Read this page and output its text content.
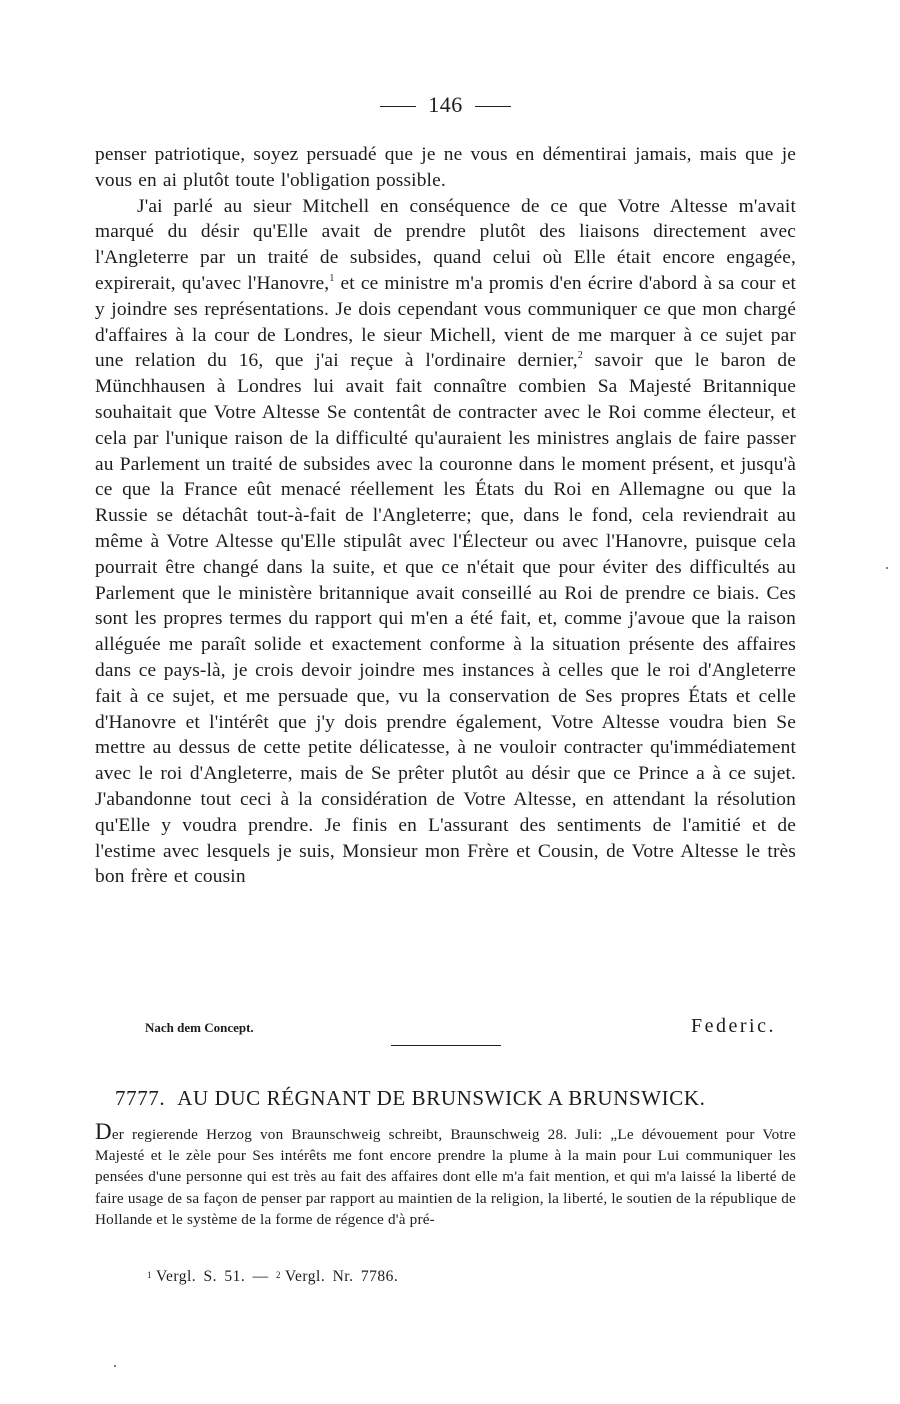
146

penser patriotique, soyez persuadé que je ne vous en démentirai jamais, mais que je vous en ai plutôt toute l'obligation possible.

J'ai parlé au sieur Mitchell en conséquence de ce que Votre Altesse m'avait marqué du désir qu'Elle avait de prendre plutôt des liaisons directement avec l'Angleterre par un traité de subsides, quand celui où Elle était encore engagée, expirerait, qu'avec l'Hanovre,$^1$ et ce ministre m'a promis d'en écrire d'abord à sa cour et y joindre ses représentations. Je dois cependant vous communiquer ce que mon chargé d'affaires à la cour de Londres, le sieur Michell, vient de me marquer à ce sujet par une relation du 16, que j'ai reçue à l'ordinaire dernier,$^2$ savoir que le baron de Münchhausen à Londres lui avait fait connaître combien Sa Majesté Britannique souhaitait que Votre Altesse Se contentât de contracter avec le Roi comme électeur, et cela par l'unique raison de la difficulté qu'auraient les ministres anglais de faire passer au Parlement un traité de subsides avec la couronne dans le moment présent, et jusqu'à ce que la France eût menacé réellement les États du Roi en Allemagne ou que la Russie se détachât tout-à-fait de l'Angleterre; que, dans le fond, cela reviendrait au même à Votre Altesse qu'Elle stipulât avec l'Électeur ou avec l'Hanovre, puisque cela pourrait être changé dans la suite, et que ce n'était que pour éviter des difficultés au Parlement que le ministère britannique avait conseillé au Roi de prendre ce biais. Ces sont les propres termes du rapport qui m'en a été fait, et, comme j'avoue que la raison alléguée me paraît solide et exactement conforme à la situation présente des affaires dans ce pays-là, je crois devoir joindre mes instances à celles que le roi d'Angleterre fait à ce sujet, et me persuade que, vu la conservation de Ses propres États et celle d'Hanovre et l'intérêt que j'y dois prendre également, Votre Altesse voudra bien Se mettre au dessus de cette petite délicatesse, à ne vouloir contracter qu'immédiatement avec le roi d'Angleterre, mais de Se prêter plutôt au désir que ce Prince a à ce sujet. J'abandonne tout ceci à la considération de Votre Altesse, en attendant la résolution qu'Elle y voudra prendre. Je finis en L'assurant des sentiments de l'amitié et de l'estime avec lesquels je suis, Monsieur mon Frère et Cousin, de Votre Altesse le très bon frère et cousin

Nach dem Concept.	Federic.
7777. AU DUC RÉGNANT DE BRUNSWICK A BRUNSWICK.
Der regierende Herzog von Braunschweig schreibt, Braunschweig 28. Juli: „Le dévouement pour Votre Majesté et le zèle pour Ses intérêts me font encore prendre la plume à la main pour Lui communiquer les pensées d'une personne qui est très au fait des affaires dont elle m'a fait mention, et qui m'a laissé la liberté de faire usage de sa façon de penser par rapport au maintien de la religion, la liberté, le soutien de la république de Hollande et le système de la forme de régence d'à pré-
1 Vergl. S. 51. — 2 Vergl. Nr. 7786.
